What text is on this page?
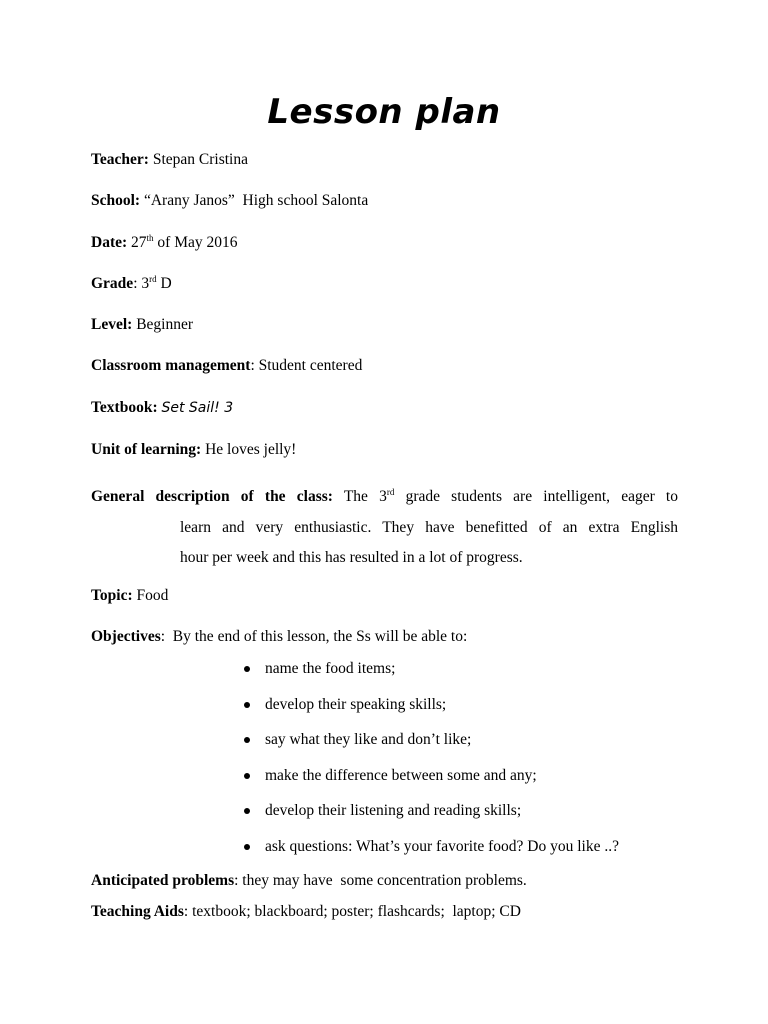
Lesson plan
Teacher: Stepan Cristina
School: “Arany Janos”  High school Salonta
Date: 27th of May 2016
Grade: 3rd D
Level: Beginner
Classroom management: Student centered
Textbook: Set Sail! 3
Unit of learning: He loves jelly!
General description of the class: The 3rd grade students are intelligent, eager to
learn and very enthusiastic. They have benefitted of an extra English
hour per week and this has resulted in a lot of progress.
Topic: Food
Objectives:  By the end of this lesson, the Ss will be able to:
name the food items;
develop their speaking skills;
say what they like and don’t like;
make the difference between some and any;
develop their listening and reading skills;
ask questions: What’s your favorite food? Do you like ..?
Anticipated problems: they may have  some concentration problems.
Teaching Aids: textbook; blackboard; poster; flashcards;  laptop; CD
